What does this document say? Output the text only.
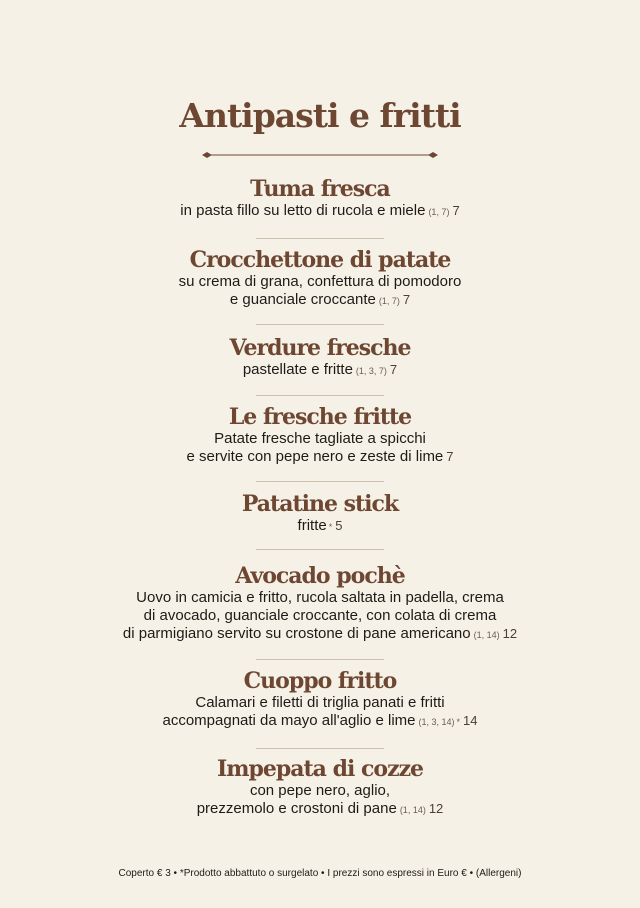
Antipasti e fritti
Tuma fresca
in pasta fillo su letto di rucola e miele (1, 7) 7
Crocchettone di patate
su crema di grana, confettura di pomodoro
e guanciale croccante (1, 7) 7
Verdure fresche
pastellate e fritte (1, 3, 7) 7
Le fresche fritte
Patate fresche tagliate a spicchi
e servite con pepe nero e zeste di lime 7
Patatine stick
fritte * 5
Avocado pochè
Uovo in camicia e fritto, rucola saltata in padella, crema
di avocado, guanciale croccante, con colata di crema
di parmigiano servito su crostone di pane americano (1, 14) 12
Cuoppo fritto
Calamari e filetti di triglia panati e fritti
accompagnati da mayo all'aglio e lime (1, 3, 14) * 14
Impepata di cozze
con pepe nero, aglio,
prezzemolo e crostoni di pane (1, 14) 12
Coperto € 3 • *Prodotto abbattuto o surgelato • I prezzi sono espressi in Euro € • (Allergeni)
